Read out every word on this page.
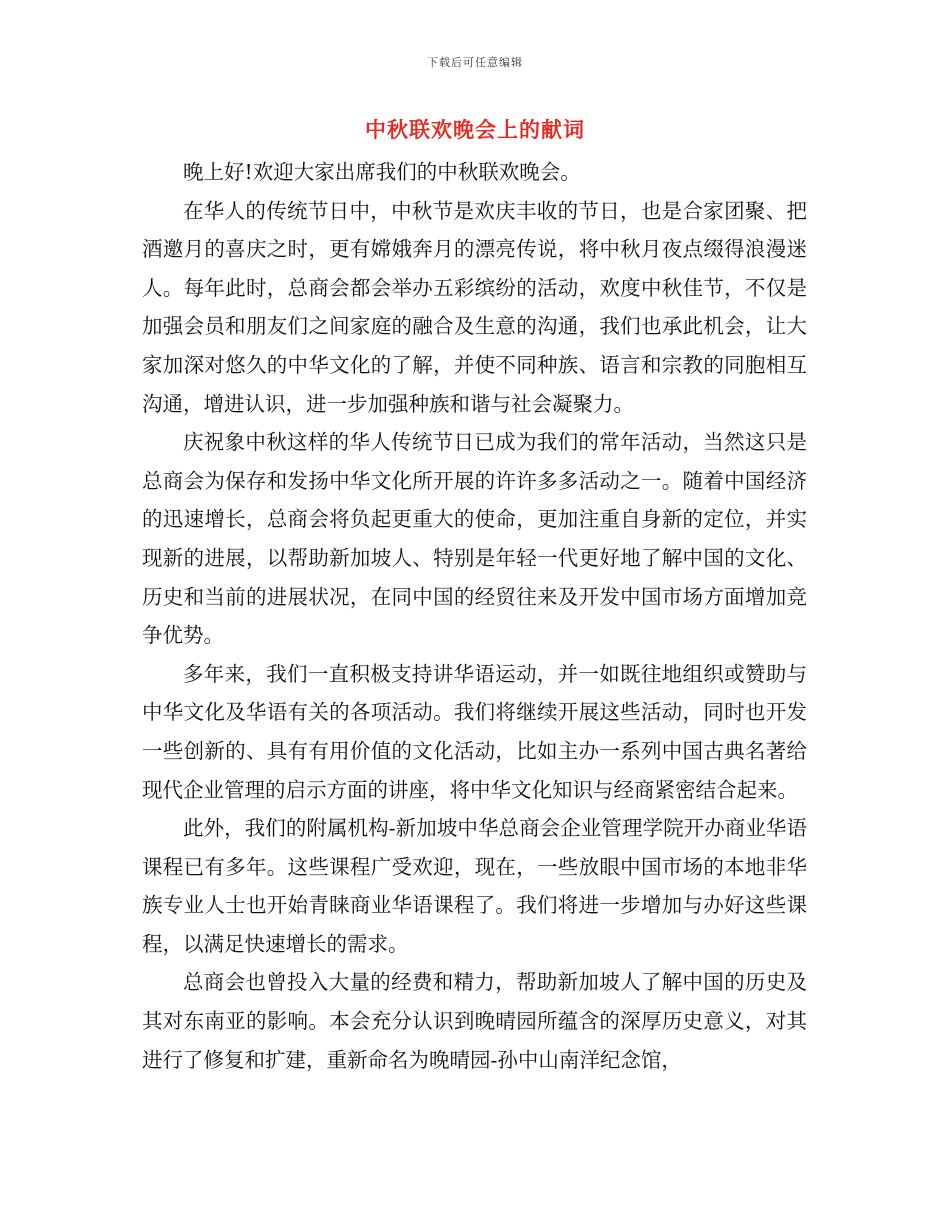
下载后可任意编辑
中秋联欢晚会上的献词

晚上好!欢迎大家出席我们的中秋联欢晚会。

在华人的传统节日中，中秋节是欢庆丰收的节日，也是合家团聚、把酒邀月的喜庆之时，更有嫦娥奔月的漂亮传说，将中秋月夜点缀得浪漫迷人。每年此时，总商会都会举办五彩缤纷的活动，欢度中秋佳节，不仅是加强会员和朋友们之间家庭的融合及生意的沟通，我们也承此机会，让大家加深对悠久的中华文化的了解，并使不同种族、语言和宗教的同胞相互沟通，增进认识，进一步加强种族和谐与社会凝聚力。

庆祝象中秋这样的华人传统节日已成为我们的常年活动，当然这只是总商会为保存和发扬中华文化所开展的许许多多活动之一。随着中国经济的迅速增长，总商会将负起更重大的使命，更加注重自身新的定位，并实现新的进展，以帮助新加坡人、特别是年轻一代更好地了解中国的文化、历史和当前的进展状况，在同中国的经贸往来及开发中国市场方面增加竞争优势。

多年来，我们一直积极支持讲华语运动，并一如既往地组织或赞助与中华文化及华语有关的各项活动。我们将继续开展这些活动，同时也开发一些创新的、具有有用价值的文化活动，比如主办一系列中国古典名著给现代企业管理的启示方面的讲座，将中华文化知识与经商紧密结合起来。

此外，我们的附属机构-新加坡中华总商会企业管理学院开办商业华语课程已有多年。这些课程广受欢迎，现在，一些放眼中国市场的本地非华族专业人士也开始青睐商业华语课程了。我们将进一步增加与办好这些课程，以满足快速增长的需求。

总商会也曾投入大量的经费和精力，帮助新加坡人了解中国的历史及其对东南亚的影响。本会充分认识到晚晴园所蕴含的深厚历史意义，对其进行了修复和扩建，重新命名为晚晴园-孙中山南洋纪念馆，
